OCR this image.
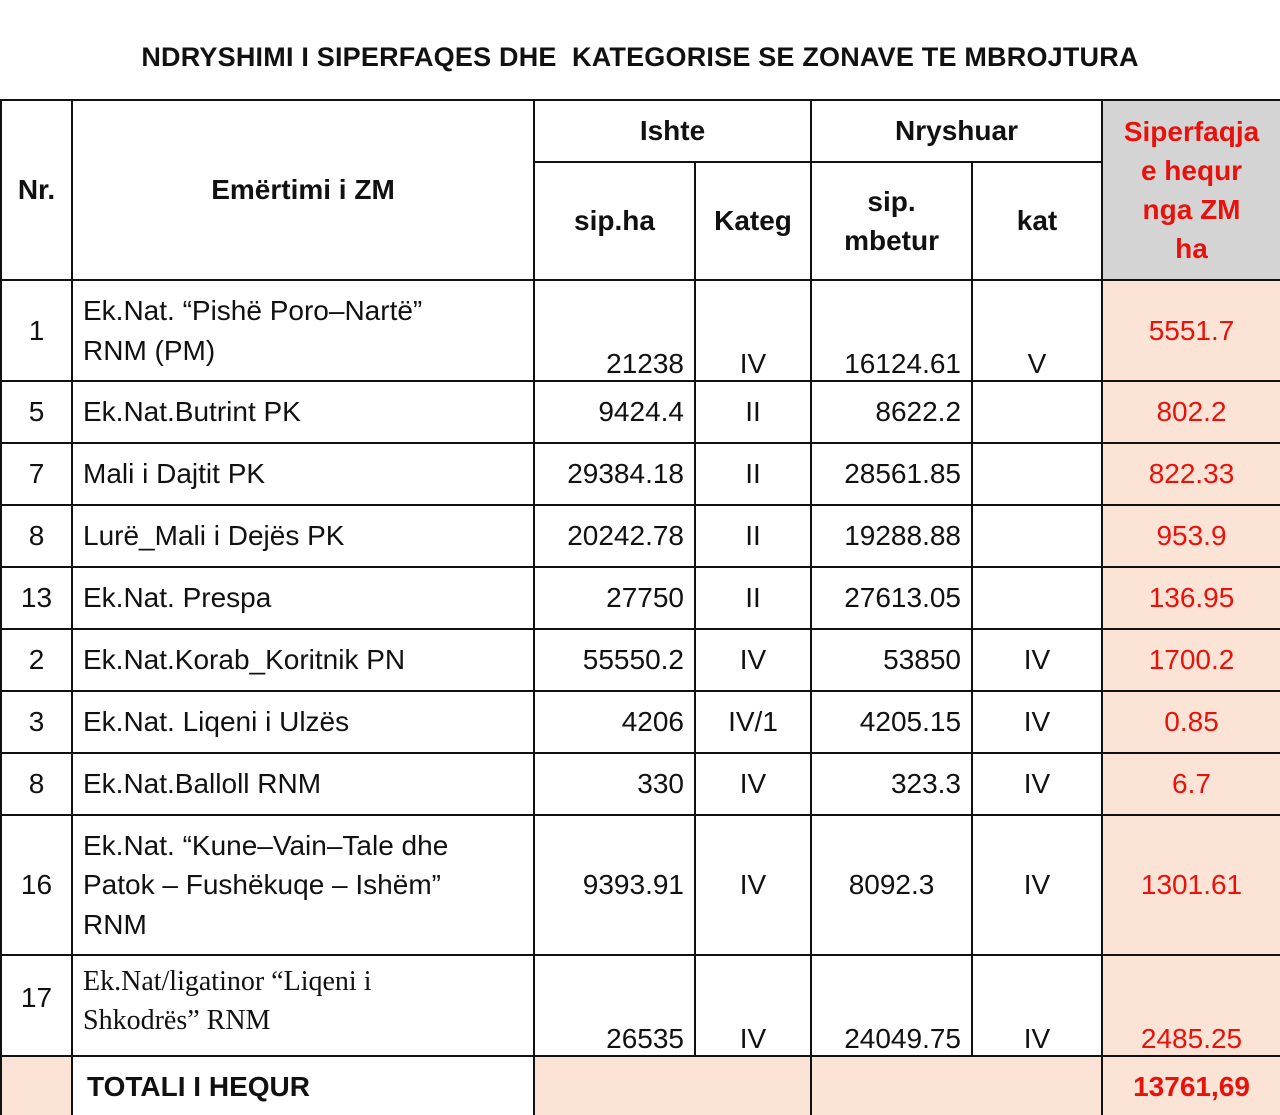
NDRYSHIMI I SIPERFAQES DHE  KATEGORISE SE ZONAVE TE MBROJTURA
Nr.	Emërtimi i ZM	Ishte		Nryshuar		Siperfaqja
e hequr
nga ZM
ha

		sip.ha	Kateg	sip.
mbetur	kat	
1	Ek.Nat. “Pishë Poro–Nartë”
RNM (PM)	21238	IV	16124.61	V	5551.7
5	Ek.Nat.Butrint PK	9424.4	II	8622.2		802.2
7	Mali i Dajtit PK	29384.18	II	28561.85		822.33
8	Lurë_Mali i Dejës PK	20242.78	II	19288.88		953.9
13	Ek.Nat. Prespa	27750	II	27613.05		136.95
2	Ek.Nat.Korab_Koritnik PN	55550.2	IV	53850	IV	1700.2
3	Ek.Nat. Liqeni i Ulzës	4206	IV/1	4205.15	IV	0.85
8	Ek.Nat.Balloll RNM	330	IV	323.3	IV	6.7
16	Ek.Nat. “Kune–Vain–Tale dhe
Patok – Fushëkuqe – Ishëm”
RNM	9393.91	IV	8092.3	IV	1301.61
17	Ek.Nat/ligatinor “Liqeni i
Shkodrës” RNM	26535	IV	24049.75	IV	2485.25
	TOTALI I HEQUR					13761,69
